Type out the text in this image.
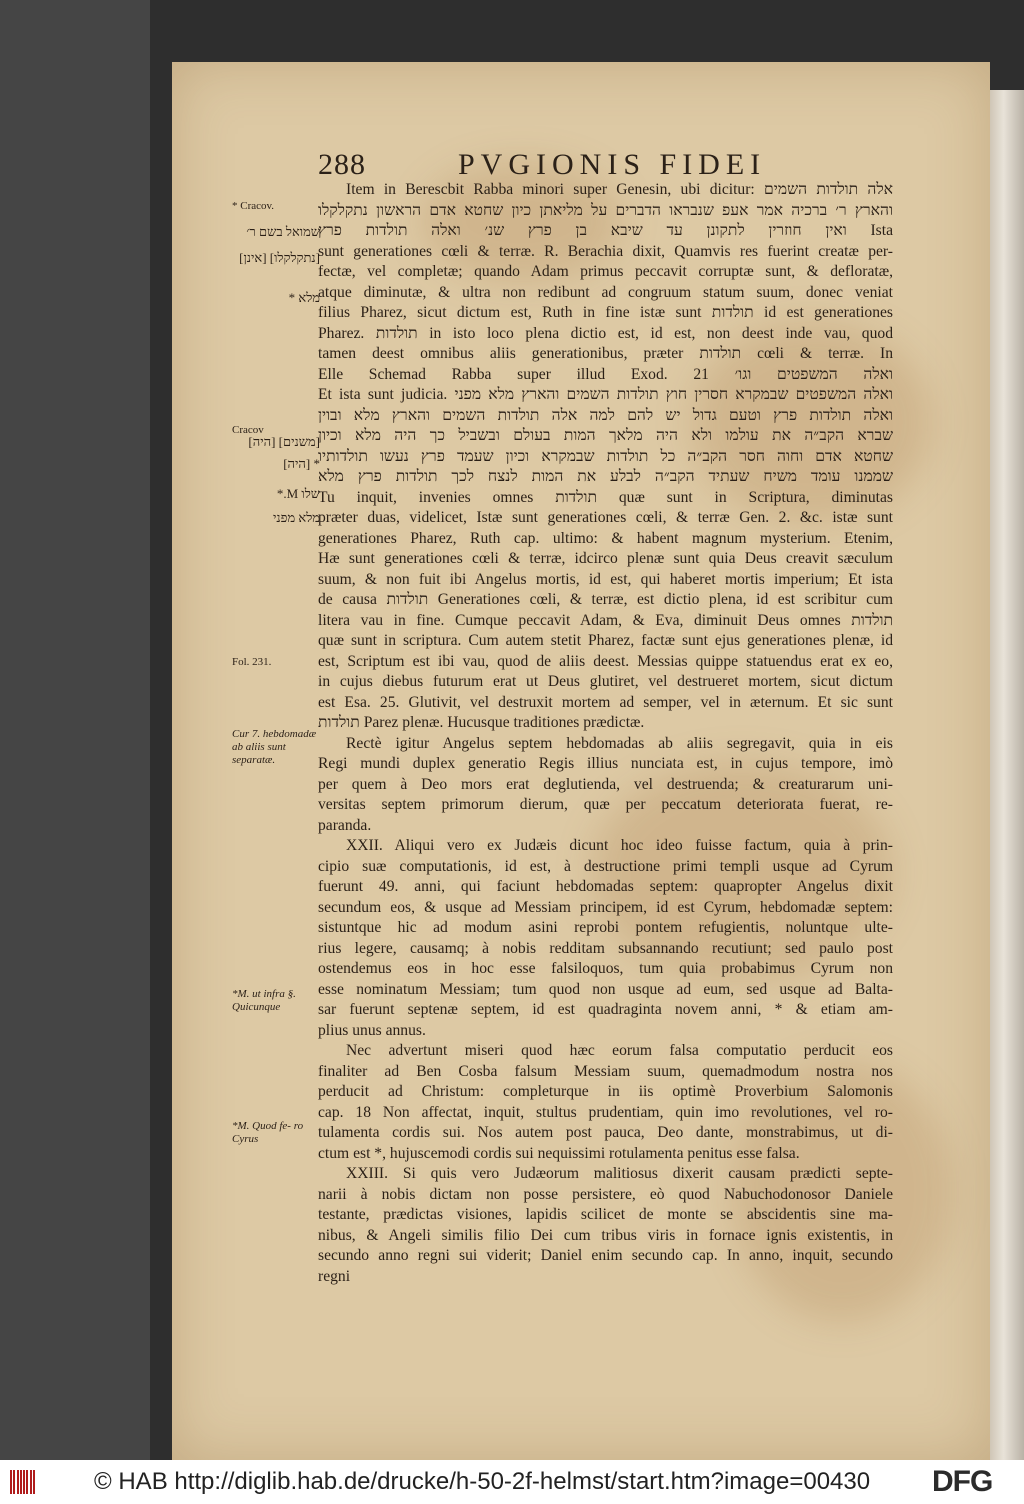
288	PVGIONIS FIDEI
Item in Berescbit Rabba minori super Genesin, ubi dicitur: אלה תולדות השמים
והארץ ר׳ ברכיה אמר אעפ שנבראו הדברים על מליאתן כיון שחטא אדם הראשון נתקלקלו
ואין חוזרין לתקונן עד שיבא בן פרץ שנ׳ ואלה תולדות פרץ Ista
sunt generationes cœli & terræ. R. Berachia dixit, Quamvis res fuerint creatæ per-
fectæ, vel completæ; quando Adam primus peccavit corruptæ sunt, & defloratæ,
atque diminutæ, & ultra non redibunt ad congruum statum suum, donec veniat
filius Pharez, sicut dictum est, Ruth in fine istæ sunt תולדות id est generationes
Pharez. תולדות in isto loco plena dictio est, id est, non deest inde vau, quod
tamen deest omnibus aliis generationibus, præter תולדות cœli & terræ. In
Elle Schemad Rabba super illud Exod. 21 ואלה המשפטים וגו׳
Et ista sunt judicia. ואלה המשפטים שבמקרא חסרין חוץ תולדות השמים והארץ מלא מפני
ואלה תולדות פרץ וטעם גדול יש להם למה אלה תולדות השמים והארץ מלא ובוין
שברא הקב״ה את עולמו ולא היה מלאך המות בעולם ובשביל כך היה מלא וכיון
שחטא אדם וחוה חסר הקב״ה כל תולדות שבמקרא וכיון שעמד פרץ נעשו תולדותיו
שממנו עומד משיח שעתיד הקב״ה לבלע את המות לנצח לכך תולדות פרץ מלא
Tu inquit, invenies omnes תולדות quæ sunt in Scriptura, diminutas
præter duas, videlicet, Istæ sunt generationes cœli, & terræ Gen. 2. &c. istæ sunt
generationes Pharez, Ruth cap. ultimo: & habent magnum mysterium. Etenim,
Hæ sunt generationes cœli & terræ, idcirco plenæ sunt quia Deus creavit sæculum
suum, & non fuit ibi Angelus mortis, id est, qui haberet mortis imperium; Et ista
de causa תולדות Generationes cœli, & terræ, est dictio plena, id est scribitur cum
litera vau in fine. Cumque peccavit Adam, & Eva, diminuit Deus omnes תולדות
quæ sunt in scriptura. Cum autem stetit Pharez, factæ sunt ejus generationes plenæ, id
est, Scriptum est ibi vau, quod de aliis deest. Messias quippe statuendus erat ex eo,
in cujus diebus futurum erat ut Deus glutiret, vel destrueret mortem, sicut dictum
est Esa. 25. Glutivit, vel destruxit mortem ad semper, vel in æternum. Et sic sunt
תולדות Parez plenæ. Hucusque traditiones prædictæ.
Rectè igitur Angelus septem hebdomadas ab aliis segregavit, quia in eis
Regi mundi duplex generatio Regis illius nunciata est, in cujus tempore, imò
per quem à Deo mors erat deglutienda, vel destruenda; & creaturarum uni-
versitas septem primorum dierum, quæ per peccatum deteriorata fuerat, re-
paranda.
XXII. Aliqui vero ex Judæis dicunt hoc ideo fuisse factum, quia à prin-
cipio suæ computationis, id est, à destructione primi templi usque ad Cyrum
fuerunt 49. anni, qui faciunt hebdomadas septem: quapropter Angelus dixit
secundum eos, & usque ad Messiam principem, id est Cyrum, hebdomadæ septem:
sistuntque hic ad modum asini reprobi pontem refugientis, noluntque ulte-
rius legere, causamq; à nobis redditam subsannando recutiunt; sed paulo post
ostendemus eos in hoc esse falsiloquos, tum quia probabimus Cyrum non
esse nominatum Messiam; tum quod non usque ad eum, sed usque ad Balta-
sar fuerunt septenæ septem, id est quadraginta novem anni, * & etiam am-
plius unus annus.
Nec advertunt miseri quod hæc eorum falsa computatio perducit eos
finaliter ad Ben Cosba falsum Messiam suum, quemadmodum nostra nos
perducit ad Christum: completurque in iis optimè Proverbium Salomonis
cap. 18 Non affectat, inquit, stultus prudentiam, quin imo revolutiones, vel ro-
tulamenta cordis sui. Nos autem post pauca, Deo dante, monstrabimus, ut di-
ctum est *, hujuscemodi cordis sui nequissimi rotulamenta penitus esse falsa.
XXIII. Si quis vero Judæorum malitiosus dixerit causam prædicti septe-
narii à nobis dictam non posse persistere, eò quod Nabuchodonosor Daniele
testante, prædictas visiones, lapidis scilicet de monte se abscidentis sine ma-
nibus, & Angeli similis filio Dei cum tribus viris in fornace ignis existentis, in
secundo anno regni sui viderit; Daniel enim secundo cap. In anno, inquit, secundo
regni
* Cracov.
שמואל בשם ר׳
[נתקלקלו] [אינן]
מלא *
Cracov
[משנים] [היה]
* [היה]
שלו M.*
מלא מפני
Fol. 231.
Cur 7. hebdomadæ ab aliis sunt separatæ.
*M. ut infra §. Quicunque
*M. Quod fe- ro Cyrus
© HAB http://diglib.hab.de/drucke/h-50-2f-helmst/start.htm?image=00430 DFG
